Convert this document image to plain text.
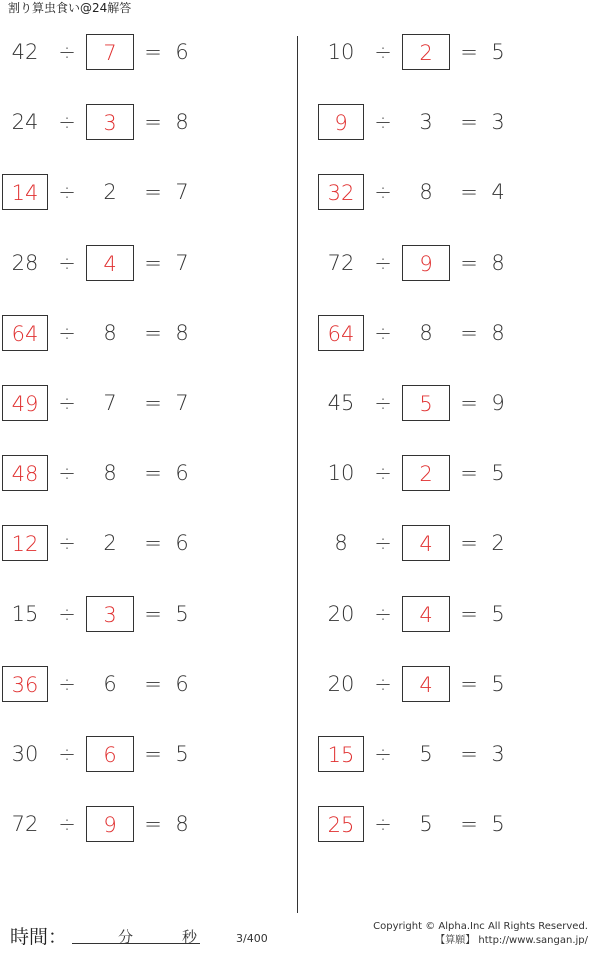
割り算虫食い@24解答
42 ÷	7	= 6
24 ÷	3	= 8
14 ÷	2	= 7
28 ÷	4	= 7
64 ÷	8	= 8
49 ÷	7	= 7
48 ÷	8	= 6
12 ÷	2	= 6
15 ÷	3	= 5
36 ÷	6	= 6
30 ÷	6	= 5
72 ÷	9	= 8
10 ÷	2	= 5
9	÷	3	= 3
32 ÷	8	= 4
72 ÷	9	= 8
64 ÷	8	= 8
45 ÷	5	= 9
10 ÷	2	= 5
8	÷	4	= 2
20 ÷	4	= 5
20 ÷	4	= 5
15 ÷	5	= 3
25 ÷	5	= 5
時間：	分	秒	3/400
Copyright © Alpha.Inc All Rights Reserved.
【算願】 http://www.sangan.jp/
